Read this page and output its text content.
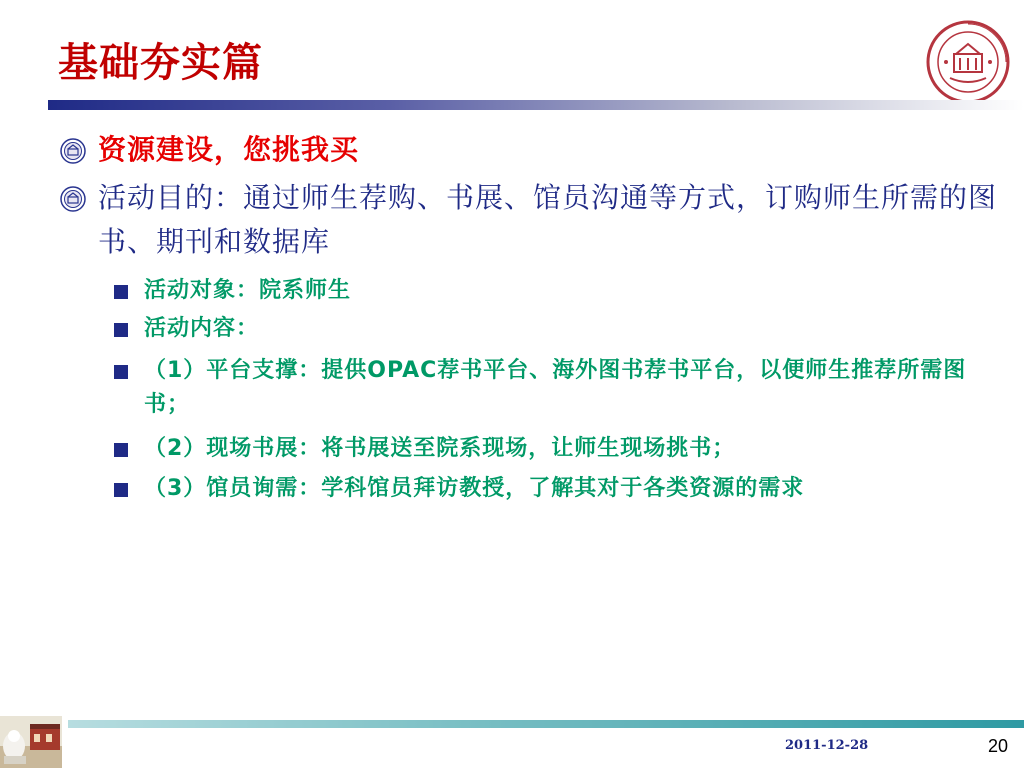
基础夯实篇
资源建设，您挑我买
活动目的：通过师生荐购、书展、馆员沟通等方式，订购师生所需的图书、期刊和数据库
活动对象：院系师生
活动内容：
（1）平台支撑：提供OPAC荐书平台、海外图书荐书平台，以便师生推荐所需图书；
（2）现场书展：将书展送至院系现场，让师生现场挑书；
（3）馆员询需：学科馆员拜访教授，了解其对于各类资源的需求
2011-12-28	20
